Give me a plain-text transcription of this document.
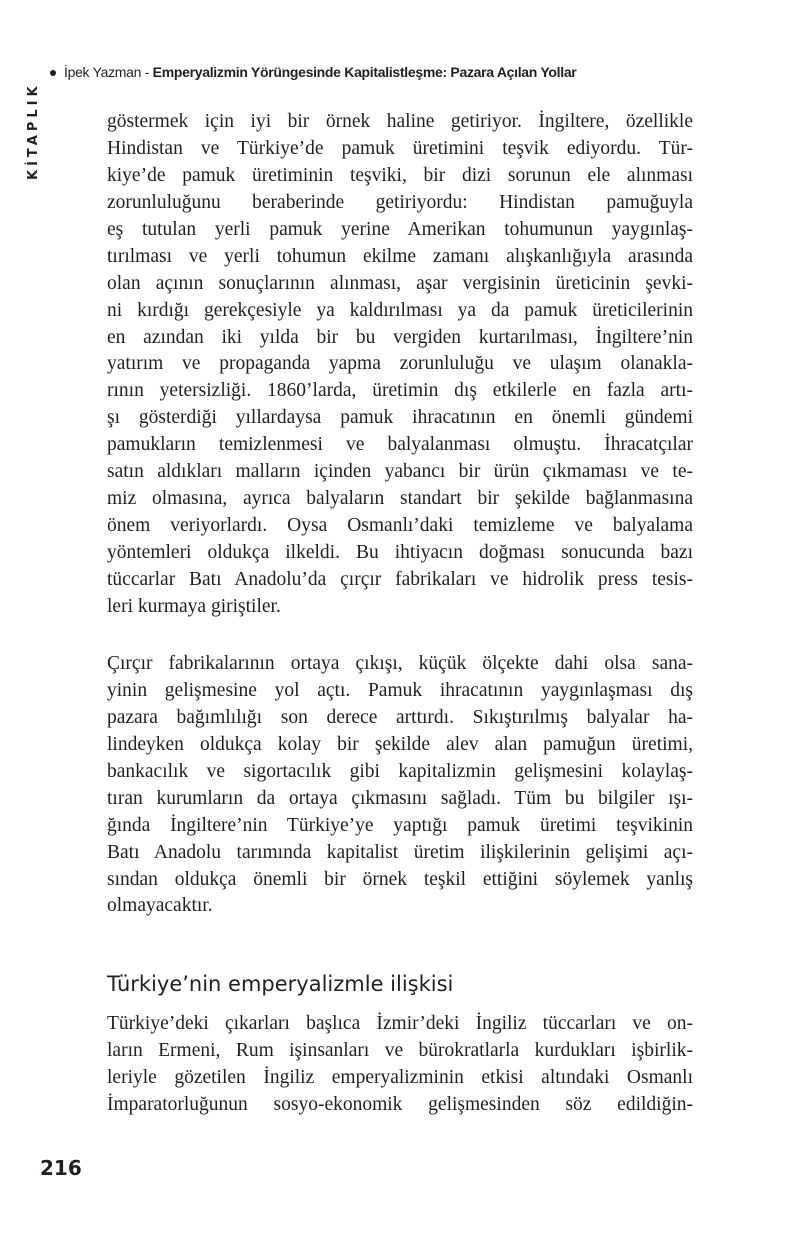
İpek Yazman - Emperyalizmin Yörüngesinde Kapitalistleşme: Pazara Açılan Yollar
KİTAPLIK	göstermek için iyi bir örnek haline getiriyor. İngiltere, özellikle
Hindistan ve Türkiye’de pamuk üretimini teşvik ediyordu. Tür-
kiye’de pamuk üretiminin teşviki, bir dizi sorunun ele alınması
zorunluluğunu beraberinde getiriyordu: Hindistan pamuğuyla
eş tutulan yerli pamuk yerine Amerikan tohumunun yaygınlaş-
tırılması ve yerli tohumun ekilme zamanı alışkanlığıyla arasında
olan açının sonuçlarının alınması, aşar vergisinin üreticinin şevki-
ni kırdığı gerekçesiyle ya kaldırılması ya da pamuk üreticilerinin
en azından iki yılda bir bu vergiden kurtarılması, İngiltere’nin
yatırım ve propaganda yapma zorunluluğu ve ulaşım olanakla-
rının yetersizliği. 1860’larda, üretimin dış etkilerle en fazla artı-
şı gösterdiği yıllardaysa pamuk ihracatının en önemli gündemi
pamukların temizlenmesi ve balyalanması olmuştu. İhracatçılar
satın aldıkları malların içinden yabancı bir ürün çıkmaması ve te-
miz olmasına, ayrıca balyaların standart bir şekilde bağlanmasına
önem veriyorlardı. Oysa Osmanlı’daki temizleme ve balyalama
yöntemleri oldukça ilkeldi. Bu ihtiyacın doğması sonucunda bazı
tüccarlar Batı Anadolu’da çırçır fabrikaları ve hidrolik press tesis-
leri kurmaya giriştiler.
Çırçır fabrikalarının ortaya çıkışı, küçük ölçekte dahi olsa sana-
yinin gelişmesine yol açtı. Pamuk ihracatının yaygınlaşması dış
pazara bağımlılığı son derece arttırdı. Sıkıştırılmış balyalar ha-
lindeyken oldukça kolay bir şekilde alev alan pamuğun üretimi,
bankacılık ve sigortacılık gibi kapitalizmin gelişmesini kolaylaş-
tıran kurumların da ortaya çıkmasını sağladı. Tüm bu bilgiler ışı-
ğında İngiltere’nin Türkiye’ye yaptığı pamuk üretimi teşvikinin
Batı Anadolu tarımında kapitalist üretim ilişkilerinin gelişimi açı-
sından oldukça önemli bir örnek teşkil ettiğini söylemek yanlış
olmayacaktır.
Türkiye’nin emperyalizmle ilişkisi
Türkiye’deki çıkarları başlıca İzmir’deki İngiliz tüccarları ve on-
ların Ermeni, Rum işinsanları ve bürokratlarla kurdukları işbirlik-
leriyle gözetilen İngiliz emperyalizminin etkisi altındaki Osmanlı
İmparatorluğunun sosyo-ekonomik gelişmesinden söz edildiğin-
216
